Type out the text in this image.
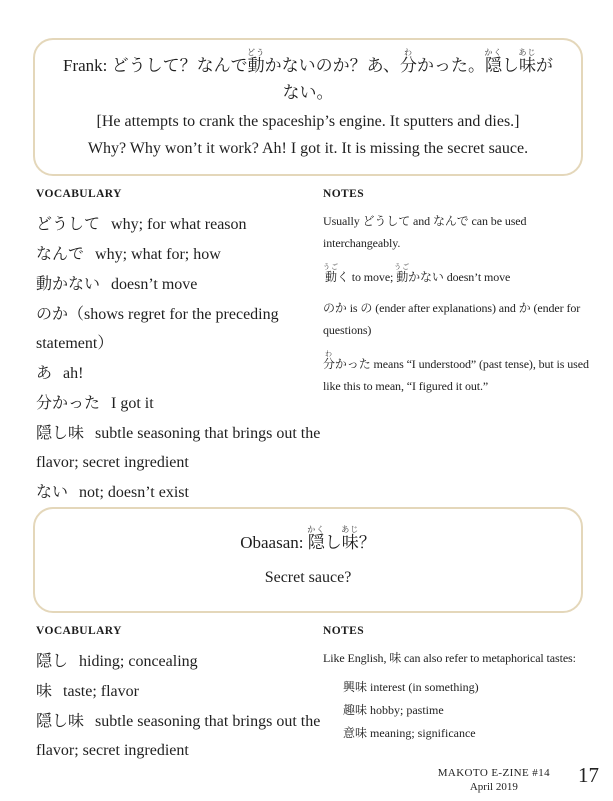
Frank: どうして？なんで動どうかないのか？あ、分わかった。隠かくし味あじが
ない。

[He attempts to crank the spaceship’s engine. It sputters and dies.]

Why? Why won’t it work? Ah! I got it. It is missing the secret sauce.

VOCABULARY

どうして why; for what reason

なんで why; what for; how

動かない doesn’t move

のか（shows regret for the preceding statement）

あ ah!

分かった I got it

隠し味 subtle seasoning that brings out the flavor; secret ingredient

ない not; doesn’t exist

NOTES

Usually どうして and なんで can be used interchangeably.

動うごく to move; 動うごかない doesn’t move

のか is の (ender after explanations) and か (ender for questions)

分わかった means “I understood” (past tense), but is used like this to mean, “I figured it out.”

Obaasan: 隠かくし味あじ？

Secret sauce?

VOCABULARY

隠し hiding; concealing

味 taste; flavor

隠し味 subtle seasoning that brings out the flavor; secret ingredient

NOTES

Like English, 味 can also refer to metaphorical tastes:

興味 interest (in something)

趣味 hobby; pastime

意味 meaning; significance

MAKOTO E-ZINE #14

April 2019	17
